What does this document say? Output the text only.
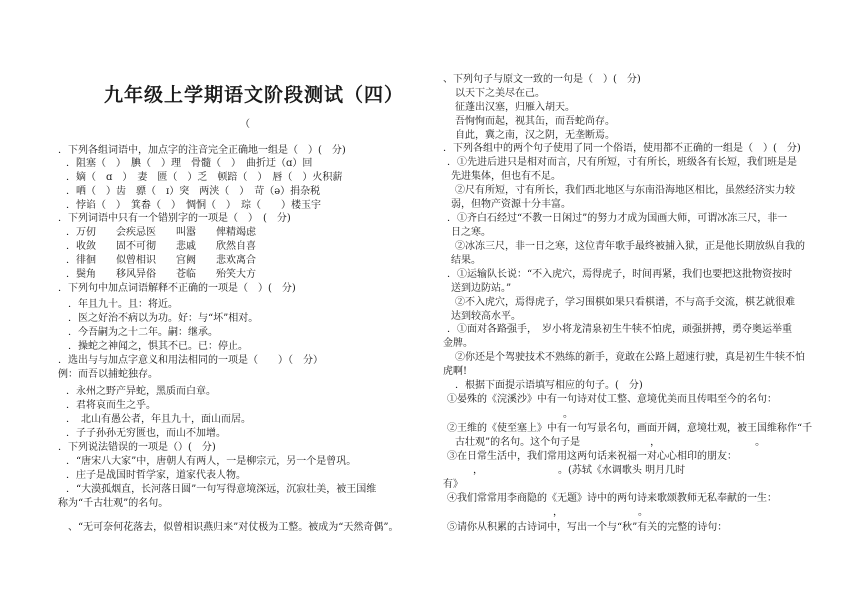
九年级上学期语文阶段测试（四）
（
．下列各组词语中，加点字的注音完全正确地一组是（　）(　分)
．阻塞（　）　腆（　）理　骨髓（　）　曲折迂（ɑ）回
．嫡（　ɑ　）　妻　匮（　）乏　顿踣（　）　唇（　）火积薪
．哂（　）齿　骠（　ɪ）突　两浃（　）　苛（ə）捐杂税
．悖谄（　）　箕畚（　）　惆恫（　）　琮（　　）楼玉宇
．下列词语中只有一个错别字的一项是（　）　(　分)
．万仞　　会疾忌医　　叫嚣　　俾精竭虑
．收敛　　固不可彻　　悲戚　　欣然自喜
．徘徊　　似曾相识　　宫阙　　悲欢离合
．鬓角　　移风异俗　　苍临　　殆笑大方
．下列句中加点词语解释不正确的一项是（　）(　分)
．年且九十。且：将近。
．医之好治不病以为功。好：与“坏”相对。
．今吾嗣为之十二年。嗣：继承。
．操蛇之神闻之，惧其不已。已：停止。
．选出与与加点字意义和用法相同的一项是（　　）（　分）
例：而吾以捕蛇独存。
．永州之野产异蛇，黑质而白章。
．君将哀而生之乎。
．　北山有愚公者，年且九十，面山而居。
．子子孙孙无穷匮也，而山不加增。
．下列说法错误的一项是（）(　分)
．“唐宋八大家”中，唐朝人有两人，一是柳宗元，另一个是曾巩。
．庄子是战国时哲学家，道家代表人物。
．“大漠孤烟直，长河落日圆”一句写得意境深远，沉寂壮美，被王国维
称为“千古壮观”的名句。
、“无可奈何花落去，似曾相识燕归来”对仗极为工整。被成为“天然奇偶”。
、下列句子与原文一致的一句是（　）(　分)
以天下之美尽在己。
征蓬出汉塞，归雁入胡天。
吾恂恂而起，视其缶，而吾蛇尚存。
自此，冀之南，汉之阴，无垄断焉。
．下列各组中的两个句子使用了同一个俗语，使用都不正确的一组是（　）(　分)
．①先进后进只是相对而言，尺有所短，寸有所长，班级各有长短，我们班是是
先进集体，但也有不足。
②尺有所短，寸有所长，我们西北地区与东南沿海地区相比，虽然经济实力较
弱，但物产资源十分丰富。
．①齐白石经过“不教一日闲过”的努力才成为国画大师，可谓冰冻三尺，非一
日之寒。
②冰冻三尺，非一日之寒，这位青年歌手最终被捕入狱，正是他长期放纵自我的
结果。
．①运输队长说：“不入虎穴，焉得虎子，时间再紧，我们也要把这批物资按时
送到边防站。”
②不入虎穴，焉得虎子，学习围棋如果只看棋谱，不与高手交流，棋艺就很难
达到较高水平。
．①面对各路强手，　岁小将龙清泉初生牛犊不怕虎，顽强拼搏，勇夺奥运举重
金牌。
②你还是个驾驶技术不熟练的新手，竟敢在公路上超速行驶，真是初生牛犊不怕
虎啊!
．根据下面提示语填写相应的句子。(　分)
①晏殊的《浣溪沙》中有一句诗对仗工整、意境优美而且传唱至今的名句：
。
②王维的《使至塞上》中有一句写景名句，画面开阔，意境壮观，被王国维称作“千
古壮观”的名句。这个句子是　　　　　　　，　　　　　　　　　　。
③在日常生活中，我们常用这两句话来祝福一对心心相印的朋友：
，　　　　　　　　。(苏轼《水调歌头 明月几时
有》
④我们常常用李商隐的《无题》诗中的两句诗来歌颂教师无私奉献的一生：
，　　　　　　　　。
⑤请你从积累的古诗词中，写出一个与“秋”有关的完整的诗句：
